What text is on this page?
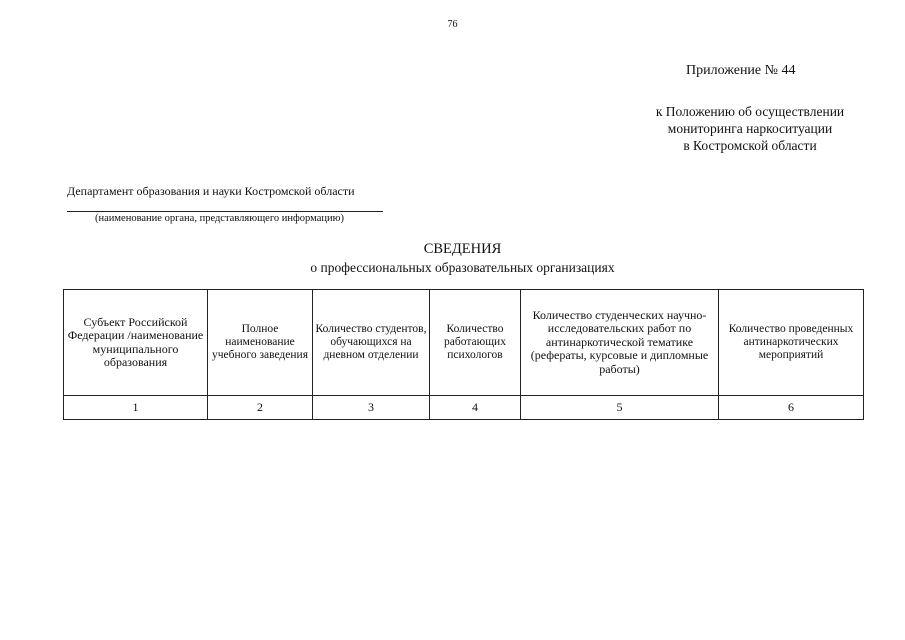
76
Приложение № 44
к Положению об осуществлении
мониторинга наркоситуации
в Костромской области
Департамент образования и науки Костромской области
(наименование органа, представляющего информацию)
СВЕДЕНИЯ
о профессиональных образовательных организациях
Субъект Российской Федерации /наименование муниципального образования	Полное наименование учебного заведения	Количество студентов, обучающихся на дневном отделении	Количество работающих психологов	Количество студенческих научно-исследовательских работ по антинаркотической тематике (рефераты, курсовые и дипломные работы)	Количество проведенных антинаркотических мероприятий
1	2	3	4	5	6
